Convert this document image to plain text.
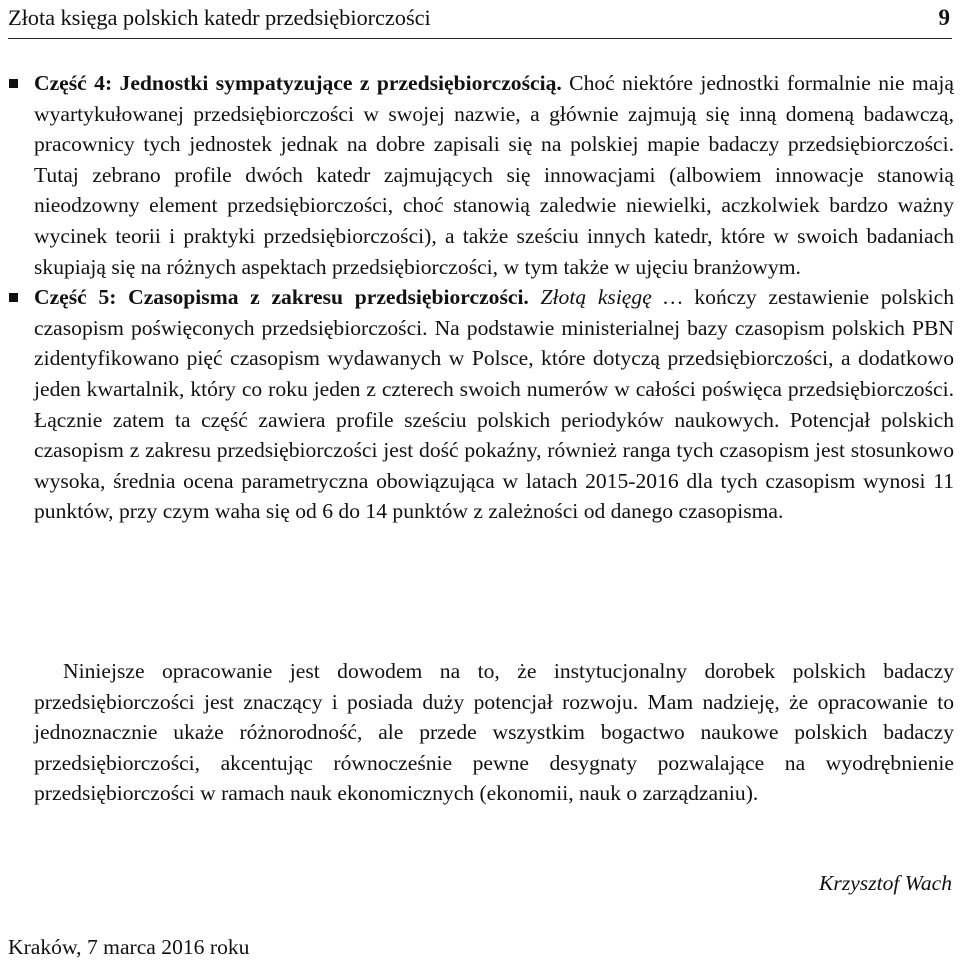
Złota księga polskich katedr przedsiębiorczości	9

Część 4: Jednostki sympatyzujące z przedsiębiorczością. Choć niektóre jednostki formalnie nie mają wyartykułowanej przedsiębiorczości w swojej nazwie, a głównie zajmują się inną domeną badawczą, pracownicy tych jednostek jednak na dobre zapisali się na polskiej mapie badaczy przedsiębiorczości. Tutaj zebrano profile dwóch katedr zajmujących się innowacjami (albowiem innowacje stanowią nieodzowny element przedsiębiorczości, choć stanowią zaledwie niewielki, aczkolwiek bardzo ważny wycinek teorii i praktyki przedsiębiorczości), a także sześciu innych katedr, które w swoich badaniach skupiają się na różnych aspektach przedsiębiorczości, w tym także w ujęciu branżowym.

Część 5: Czasopisma z zakresu przedsiębiorczości. Złotą księgę … kończy zestawienie polskich czasopism poświęconych przedsiębiorczości. Na podstawie ministerialnej bazy czasopism polskich PBN zidentyfikowano pięć czasopism wydawanych w Polsce, które dotyczą przedsiębiorczości, a dodatkowo jeden kwartalnik, który co roku jeden z czterech swoich numerów w całości poświęca przedsiębiorczości. Łącznie zatem ta część zawiera profile sześciu polskich periodyków naukowych. Potencjał polskich czasopism z zakresu przedsiębiorczości jest dość pokaźny, również ranga tych czasopism jest stosunkowo wysoka, średnia ocena parametryczna obowiązująca w latach 2015-2016 dla tych czasopism wynosi 11 punktów, przy czym waha się od 6 do 14 punktów z zależności od danego czasopisma.

Niniejsze opracowanie jest dowodem na to, że instytucjonalny dorobek polskich badaczy przedsiębiorczości jest znaczący i posiada duży potencjał rozwoju. Mam nadzieję, że opracowanie to jednoznacznie ukaże różnorodność, ale przede wszystkim bogactwo naukowe polskich badaczy przedsiębiorczości, akcentując równocześnie pewne desygnaty pozwalające na wyodrębnienie przedsiębiorczości w ramach nauk ekonomicznych (ekonomii, nauk o zarządzaniu).

Krzysztof Wach
Kraków, 7 marca 2016 roku
